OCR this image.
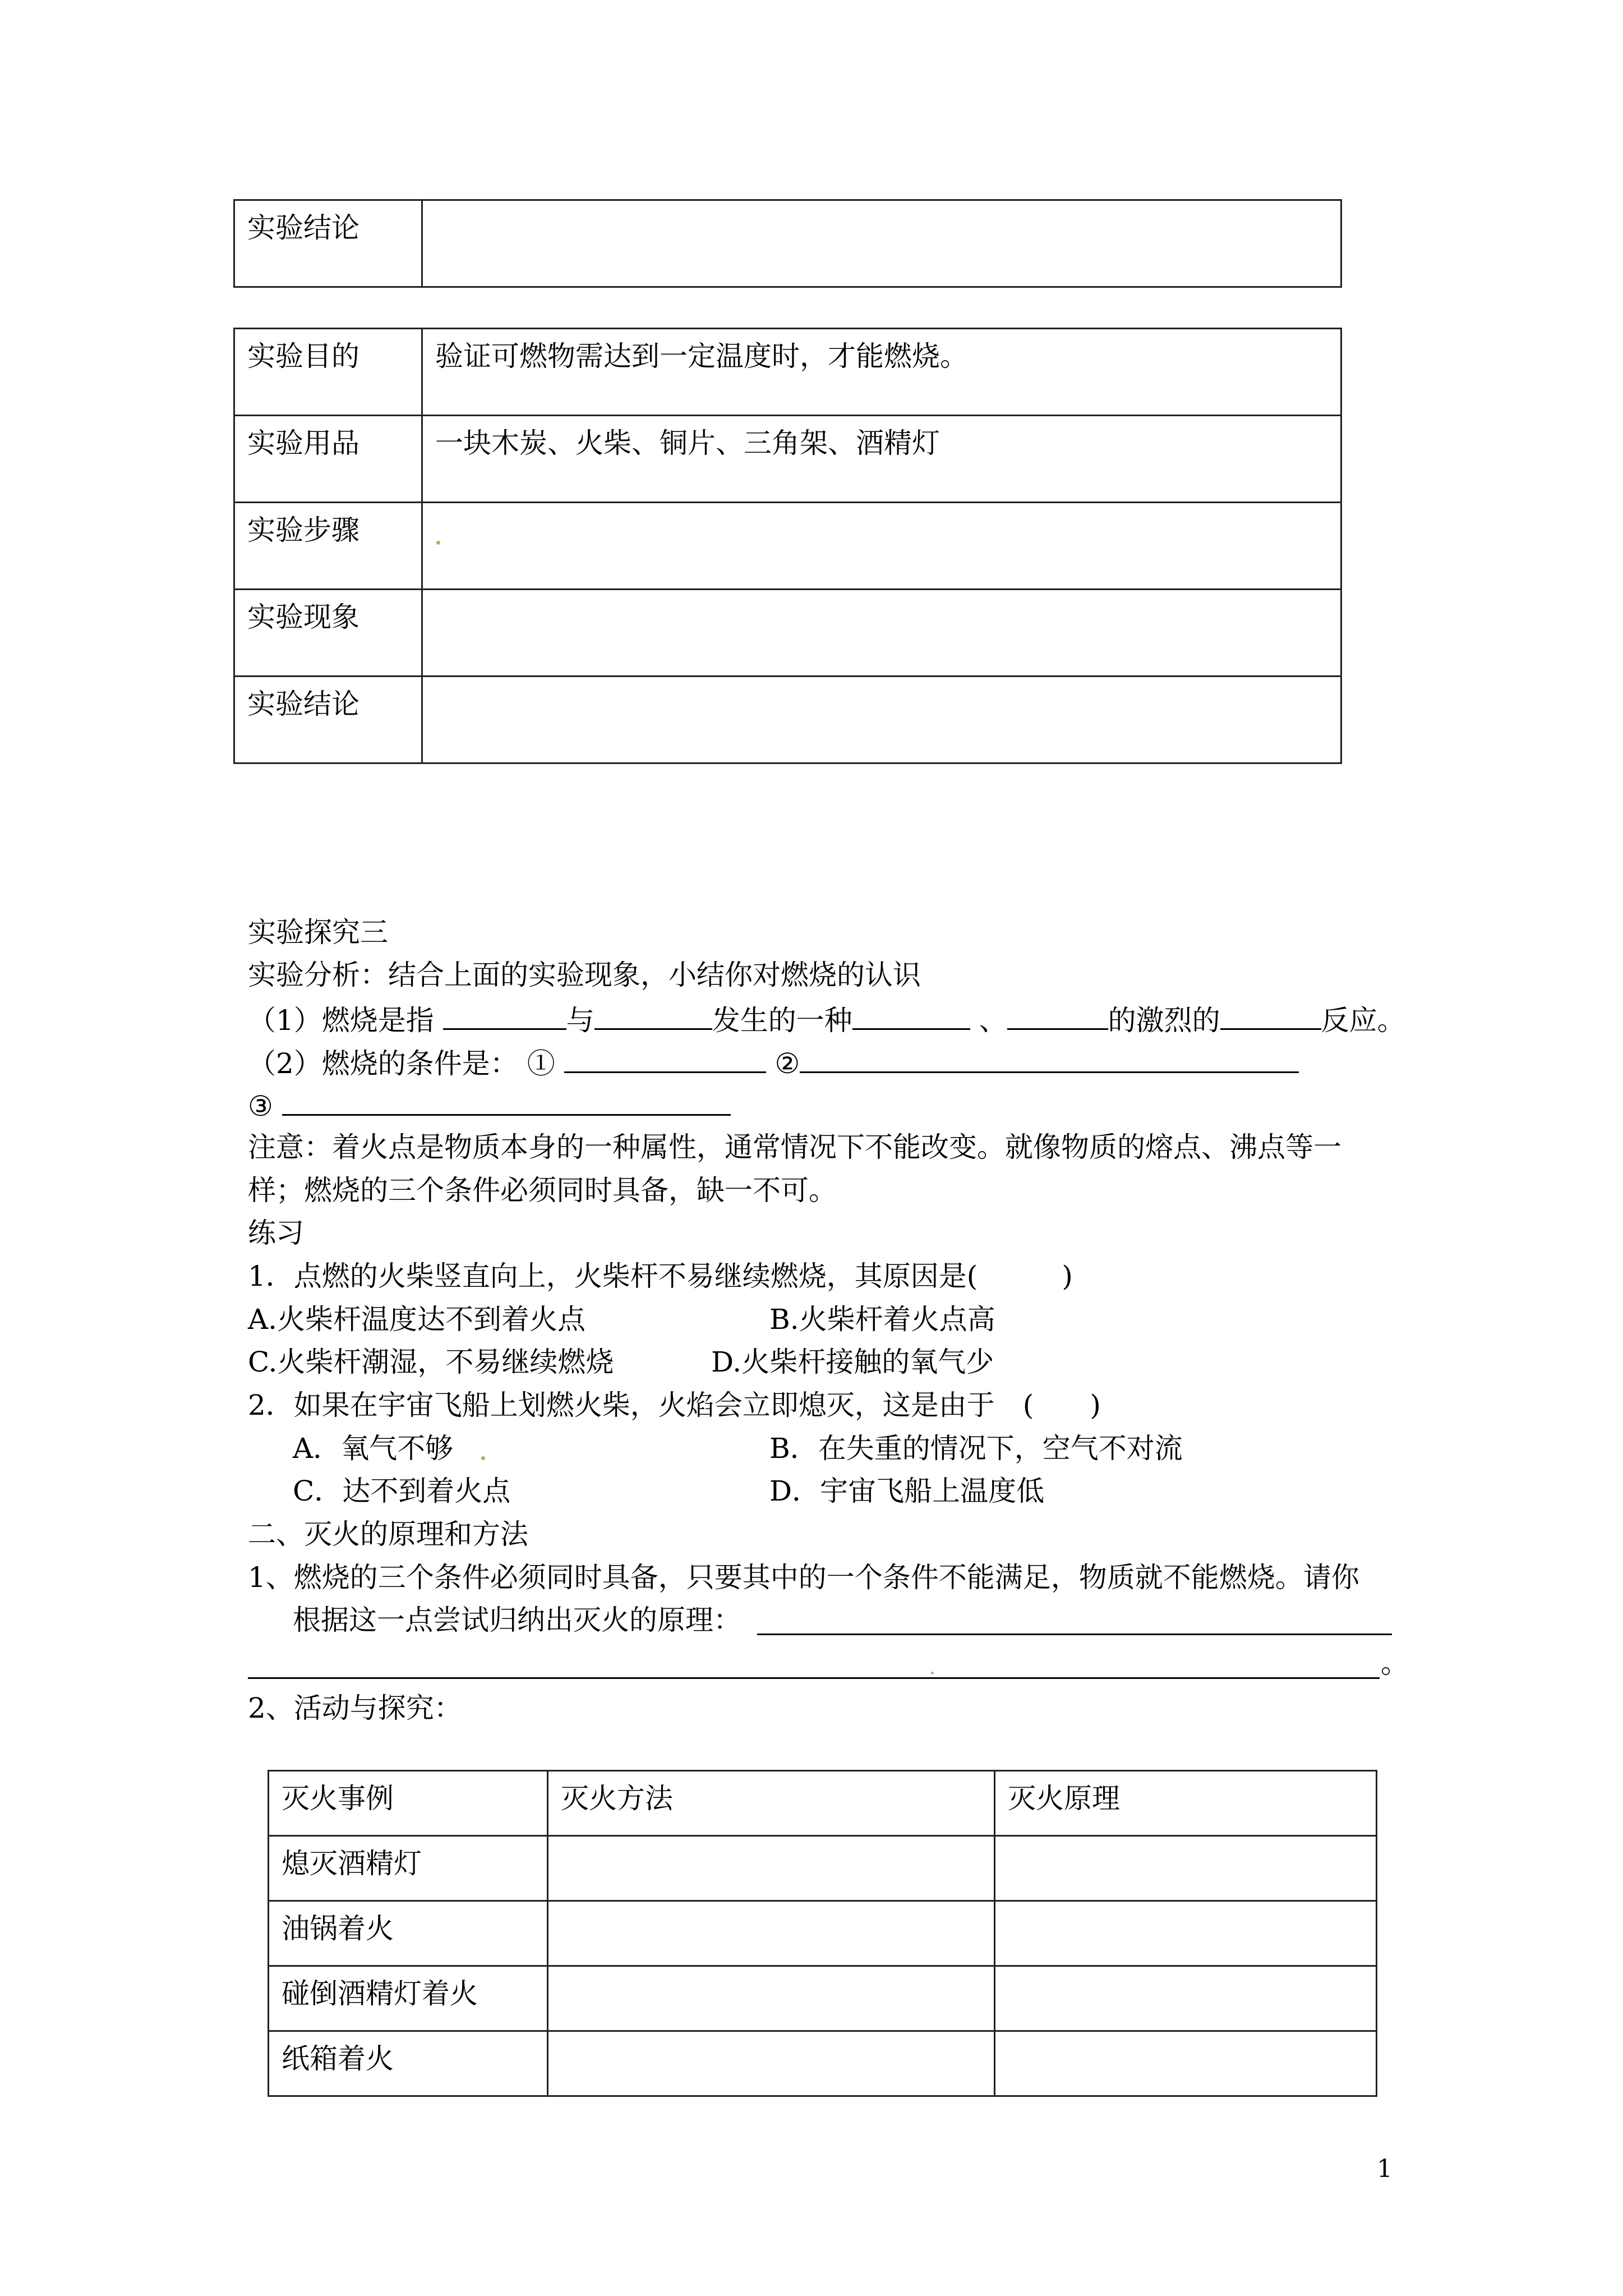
实验结论

实验目的	验证可燃物需达到一定温度时，才能燃烧。

实验用品	一块木炭、火柴、铜片、三角架、酒精灯

实验步骤	

实验现象	

实验结论	

实验探究三
实验分析：结合上面的实验现象，小结你对燃烧的认识
（1）燃烧是指	与	发生的一种	、	的激烈的	反应。
（2）燃烧的条件是： ①	②
③
注意：着火点是物质本身的一种属性，通常情况下不能改变。就像物质的熔点、沸点等一
样；燃烧的三个条件必须同时具备，缺一不可。
练习
1．点燃的火柴竖直向上，火柴杆不易继续燃烧，其原因是(　　　)
A.火柴杆温度达不到着火点	B.火柴杆着火点高
C.火柴杆潮湿，不易继续燃烧	D.火柴杆接触的氧气少
2．如果在宇宙飞船上划燃火柴，火焰会立即熄灭，这是由于　(　　)
A．氧气不够	B．在失重的情况下，空气不对流
C．达不到着火点	D．宇宙飞船上温度低
二、灭火的原理和方法
1、燃烧的三个条件必须同时具备，只要其中的一个条件不能满足，物质就不能燃烧。请你
根据这一点尝试归纳出灭火的原理：
。
2、活动与探究：
灭火事例	灭火方法	灭火原理

熄灭酒精灯		

油锅着火		

碰倒酒精灯着火		

纸箱着火		

1
